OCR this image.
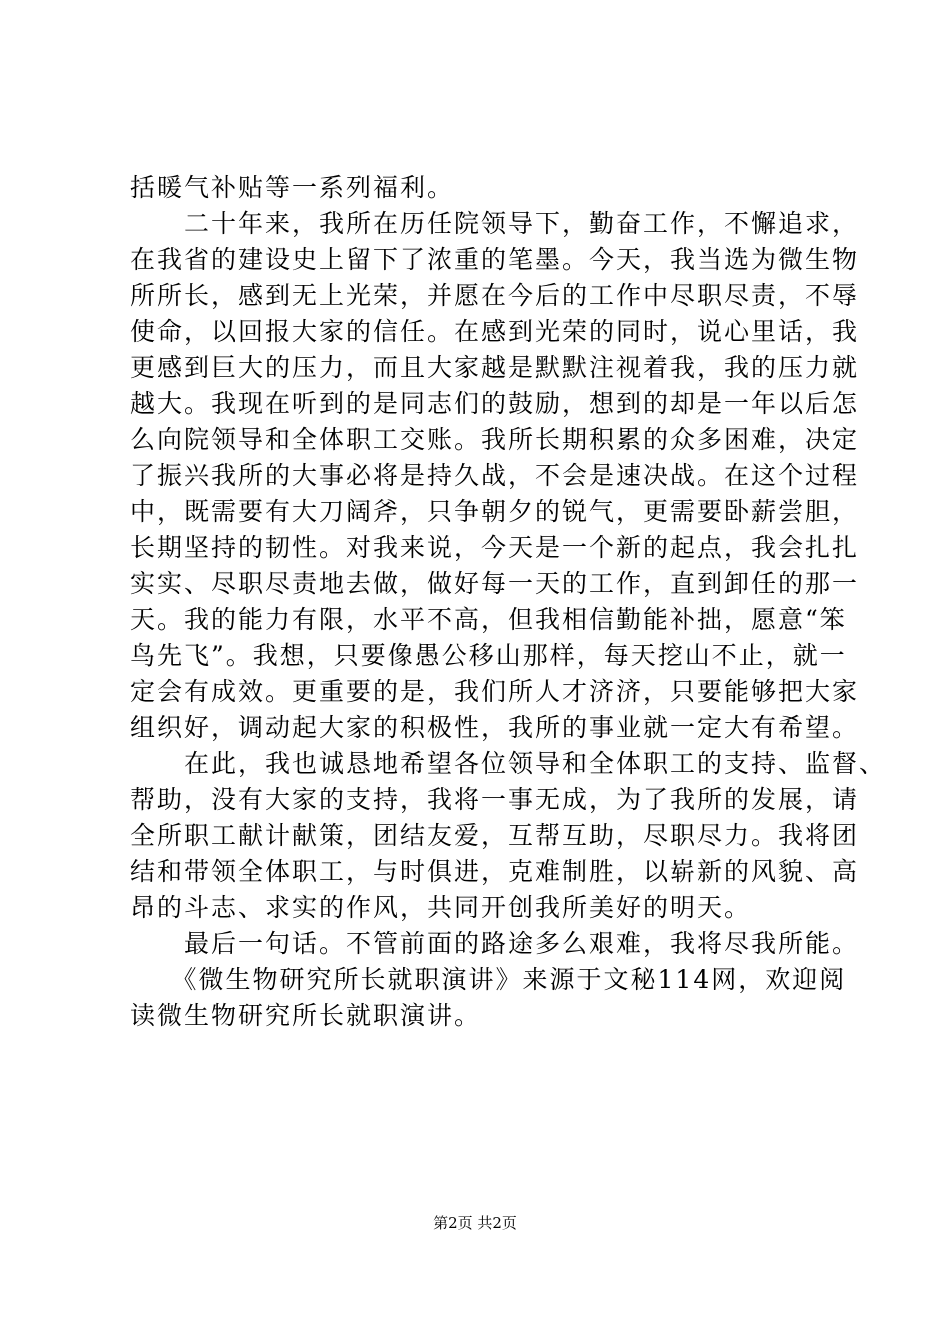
括暖气补贴等一系列福利。
　　二十年来，我所在历任院领导下，勤奋工作，不懈追求，
在我省的建设史上留下了浓重的笔墨。今天，我当选为微生物
所所长，感到无上光荣，并愿在今后的工作中尽职尽责，不辱
使命，以回报大家的信任。在感到光荣的同时，说心里话，我
更感到巨大的压力，而且大家越是默默注视着我，我的压力就
越大。我现在听到的是同志们的鼓励，想到的却是一年以后怎
么向院领导和全体职工交账。我所长期积累的众多困难，决定
了振兴我所的大事必将是持久战，不会是速决战。在这个过程
中，既需要有大刀阔斧，只争朝夕的锐气，更需要卧薪尝胆，
长期坚持的韧性。对我来说，今天是一个新的起点，我会扎扎
实实、尽职尽责地去做，做好每一天的工作，直到卸任的那一
天。我的能力有限，水平不高，但我相信勤能补拙，愿意“笨
鸟先飞”。我想，只要像愚公移山那样，每天挖山不止，就一
定会有成效。更重要的是，我们所人才济济，只要能够把大家
组织好，调动起大家的积极性，我所的事业就一定大有希望。
　　在此，我也诚恳地希望各位领导和全体职工的支持、监督、
帮助，没有大家的支持，我将一事无成，为了我所的发展，请
全所职工献计献策，团结友爱，互帮互助，尽职尽力。我将团
结和带领全体职工，与时俱进，克难制胜，以崭新的风貌、高
昂的斗志、求实的作风，共同开创我所美好的明天。
　　最后一句话。不管前面的路途多么艰难，我将尽我所能。
　　《微生物研究所长就职演讲》来源于文秘114网，欢迎阅
读微生物研究所长就职演讲。
第2页 共2页
